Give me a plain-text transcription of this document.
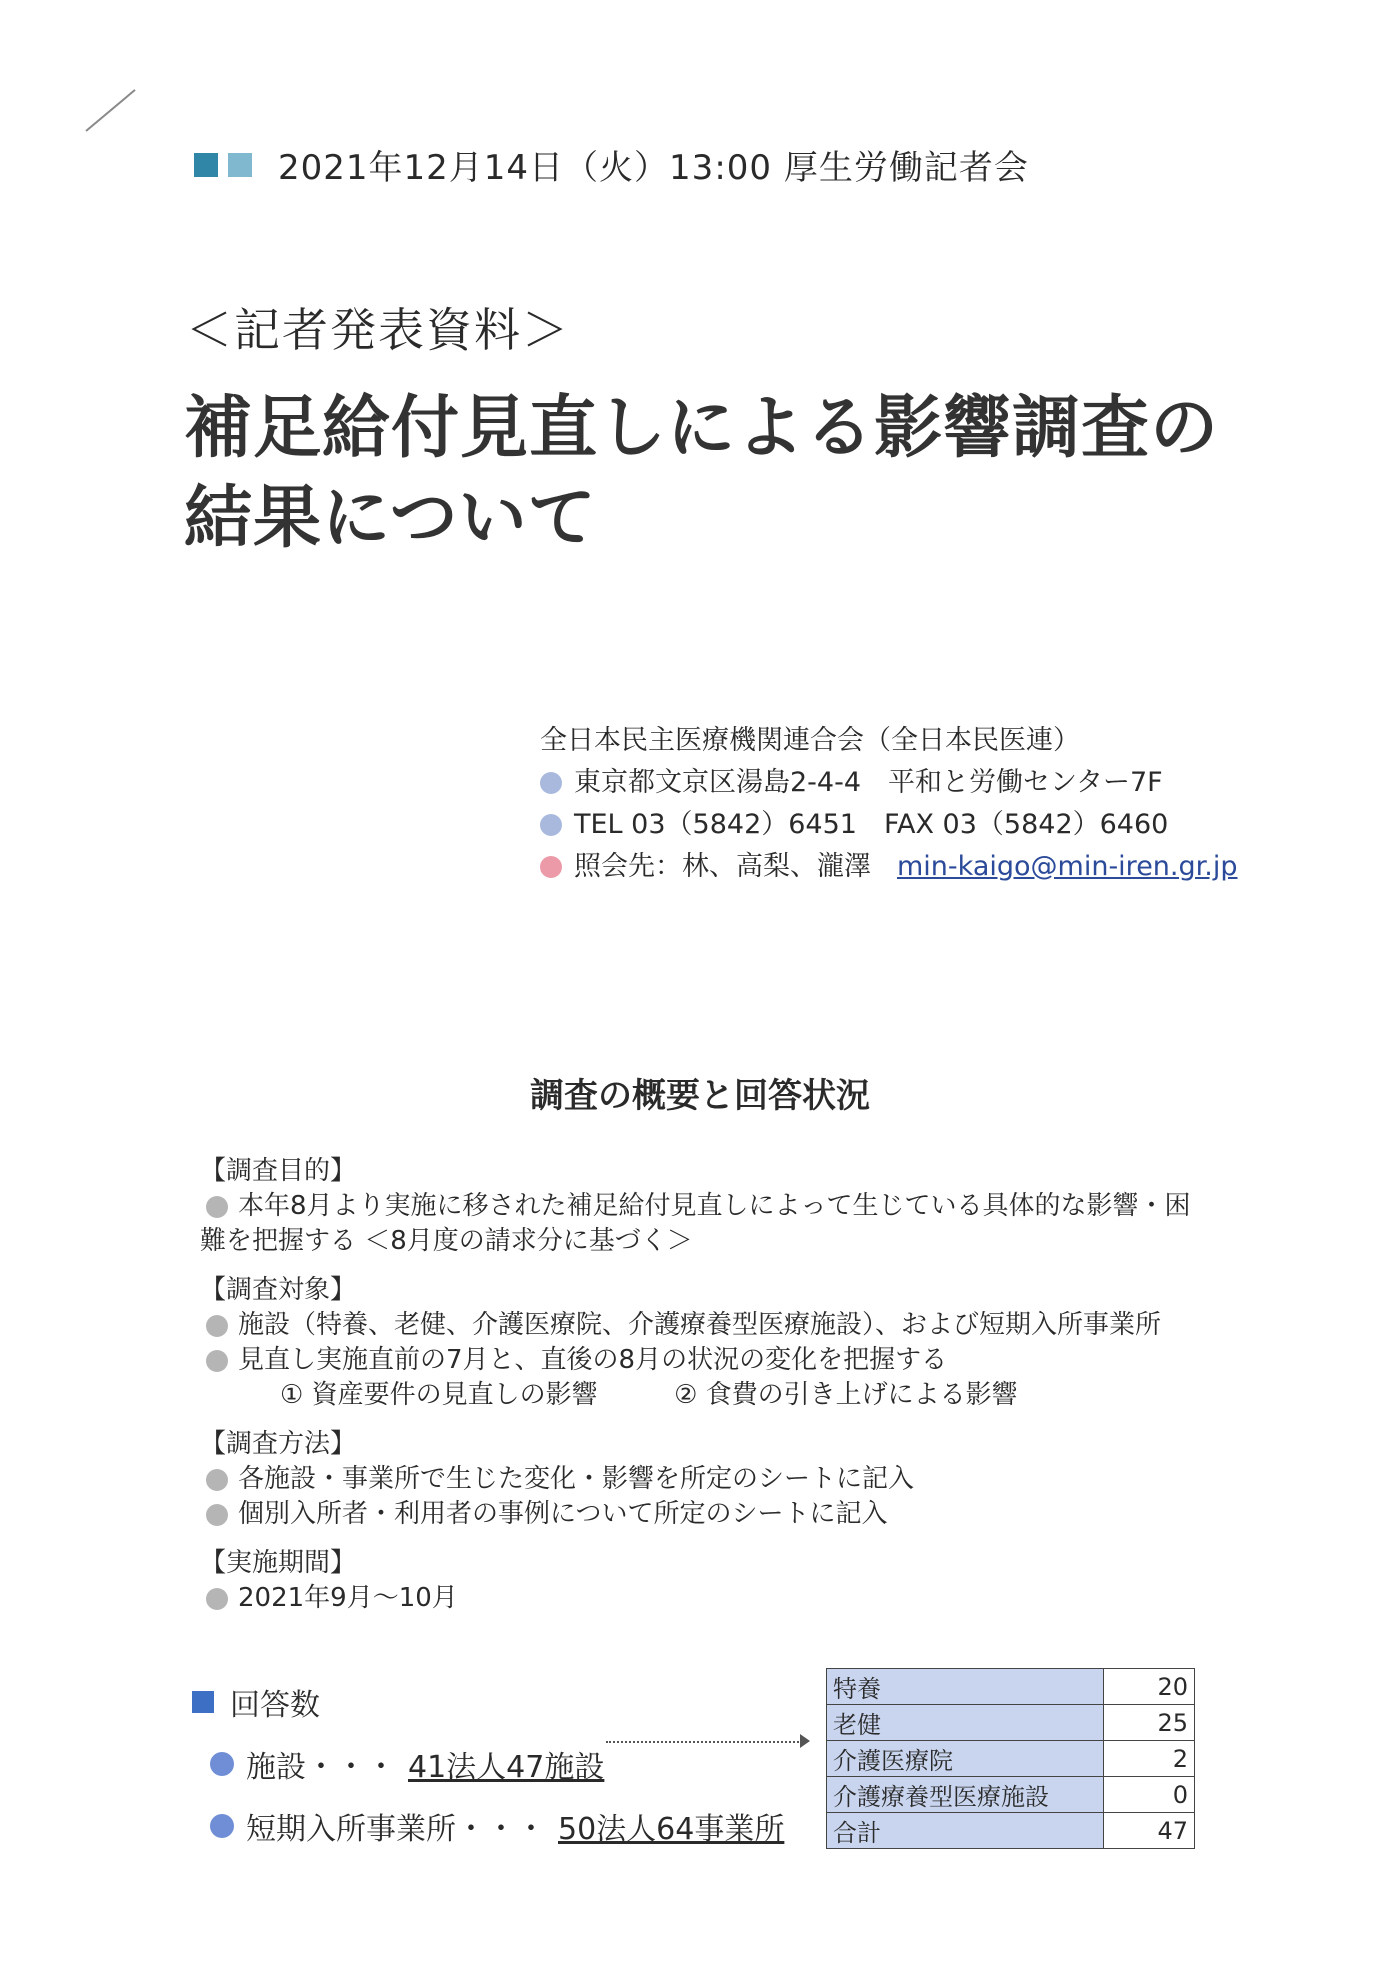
2021年12月14日（火）13:00 厚生労働記者会
＜記者発表資料＞
補足給付見直しによる影響調査の
結果について
全日本民主医療機関連合会（全日本民医連）
東京都文京区湯島2-4-4　平和と労働センター7F
TEL 03（5842）6451　FAX 03（5842）6460
照会先：林、高梨、瀧澤 min-kaigo@min-iren.gr.jp
調査の概要と回答状況
【調査目的】
本年8月より実施に移された補足給付見直しによって生じている具体的な影響・困
難を把握する ＜8月度の請求分に基づく＞
【調査対象】
施設（特養、老健、介護医療院、介護療養型医療施設）、および短期入所事業所
見直し実施直前の7月と、直後の8月の状況の変化を把握する
① 資産要件の見直しの影響	② 食費の引き上げによる影響
【調査方法】
各施設・事業所で生じた変化・影響を所定のシートに記入
個別入所者・利用者の事例について所定のシートに記入
【実施期間】
2021年9月～10月
回答数
施設・・・ 41法人47施設
短期入所事業所・・・ 50法人64事業所
特養	20
老健	25
介護医療院	2
介護療養型医療施設	0
合計	47
